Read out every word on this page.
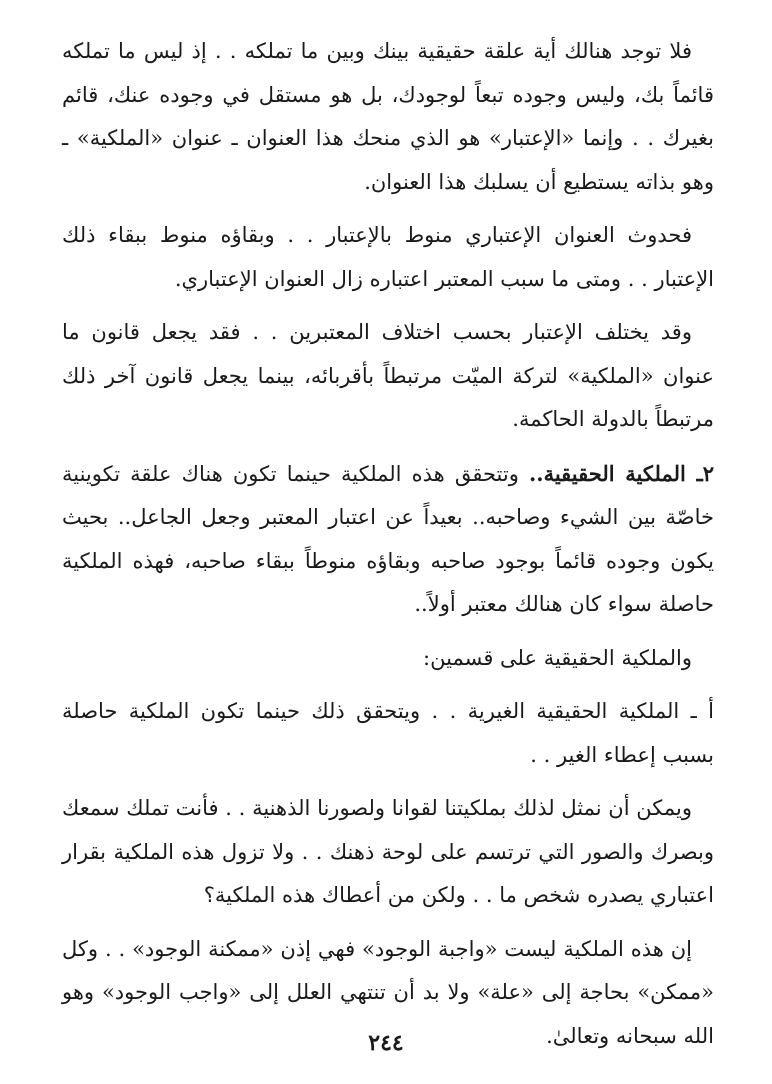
فلا توجد هنالك أية علقة حقيقية بينك وبين ما تملكه . . إذ ليس ما تملكه قائماً بك، وليس وجوده تبعاً لوجودك، بل هو مستقل في وجوده عنك، قائم بغيرك . . وإنما «الإعتبار» هو الذي منحك هذا العنوان ـ عنوان «الملكية» ـ وهو بذاته يستطيع أن يسلبك هذا العنوان.

فحدوث العنوان الإعتباري منوط بالإعتبار . . وبقاؤه منوط ببقاء ذلك الإعتبار . . ومتى ما سبب المعتبر اعتباره زال العنوان الإعتباري.

وقد يختلف الإعتبار بحسب اختلاف المعتبرين . . فقد يجعل قانون ما عنوان «الملكية» لتركة الميّت مرتبطاً بأقربائه، بينما يجعل قانون آخر ذلك مرتبطاً بالدولة الحاكمة.

٢ـ الملكية الحقيقية.. وتتحقق هذه الملكية حينما تكون هناك علقة تكوينية خاصّة بين الشيء وصاحبه.. بعيداً عن اعتبار المعتبر وجعل الجاعل.. بحيث يكون وجوده قائماً بوجود صاحبه وبقاؤه منوطاً ببقاء صاحبه، فهذه الملكية حاصلة سواء كان هنالك معتبر أولاً..

والملكية الحقيقية على قسمين:

أ ـ الملكية الحقيقية الغيرية . . ويتحقق ذلك حينما تكون الملكية حاصلة بسبب إعطاء الغير . .

ويمكن أن نمثل لذلك بملكيتنا لقوانا ولصورنا الذهنية . . فأنت تملك سمعك وبصرك والصور التي ترتسم على لوحة ذهنك . . ولا تزول هذه الملكية بقرار اعتباري يصدره شخص ما . . ولكن من أعطاك هذه الملكية؟

إن هذه الملكية ليست «واجبة الوجود» فهي إذن «ممكنة الوجود» . . وكل «ممكن» بحاجة إلى «علة» ولا بد أن تنتهي العلل إلى «واجب الوجود» وهو الله سبحانه وتعالىٰ.

٢٤٤
